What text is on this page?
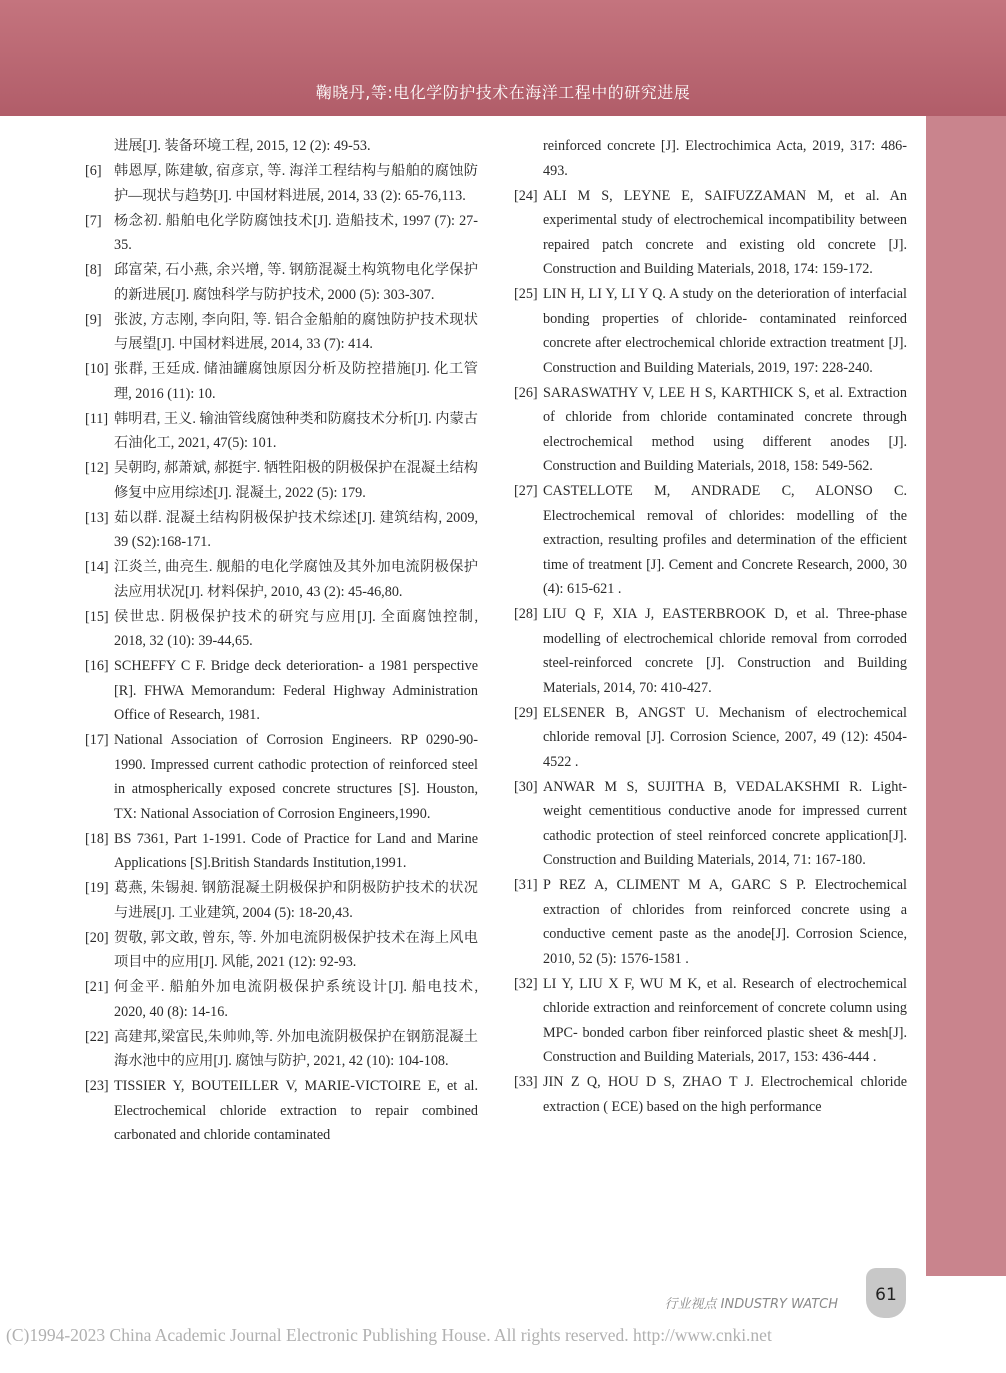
鞠晓丹,等:电化学防护技术在海洋工程中的研究进展
进展[J]. 装备环境工程, 2015, 12 (2): 49-53.
[6] 韩恩厚, 陈建敏, 宿彦京, 等. 海洋工程结构与船舶的腐蚀防护—现状与趋势[J]. 中国材料进展, 2014, 33 (2): 65-76,113.
[7] 杨念初. 船舶电化学防腐蚀技术[J]. 造船技术, 1997 (7): 27-35.
[8] 邱富荣, 石小燕, 余兴增, 等. 钢筋混凝土构筑物电化学保护的新进展[J]. 腐蚀科学与防护技术, 2000 (5): 303-307.
[9] 张波, 方志刚, 李向阳, 等. 铝合金船舶的腐蚀防护技术现状与展望[J]. 中国材料进展, 2014, 33 (7): 414.
[10] 张群, 王廷成. 储油罐腐蚀原因分析及防控措施[J]. 化工管理, 2016 (11): 10.
[11] 韩明君, 王义. 输油管线腐蚀种类和防腐技术分析[J]. 内蒙古石油化工, 2021, 47(5): 101.
[12] 吴朝昀, 郝萧斌, 郝挺宇. 牺牲阳极的阴极保护在混凝土结构修复中应用综述[J]. 混凝土, 2022 (5): 179.
[13] 茹以群. 混凝土结构阴极保护技术综述[J]. 建筑结构, 2009, 39 (S2):168-171.
[14] 江炎兰, 曲亮生. 舰船的电化学腐蚀及其外加电流阴极保护法应用状况[J]. 材料保护, 2010, 43 (2): 45-46,80.
[15] 侯世忠. 阴极保护技术的研究与应用[J]. 全面腐蚀控制, 2018, 32 (10): 39-44,65.
[16] SCHEFFY C F. Bridge deck deterioration- a 1981 perspective [R]. FHWA Memorandum: Federal Highway Administration Office of Research, 1981.
[17] National Association of Corrosion Engineers. RP 0290-90- 1990. Impressed current cathodic protection of reinforced steel in atmospherically exposed concrete structures [S]. Houston, TX: National Association of Corrosion Engineers,1990.
[18] BS 7361, Part 1-1991. Code of Practice for Land and Marine Applications [S].British Standards Institution,1991.
[19] 葛燕, 朱锡昶. 钢筋混凝土阴极保护和阴极防护技术的状况与进展[J]. 工业建筑, 2004 (5): 18-20,43.
[20] 贺敬, 郭文敢, 曾东, 等. 外加电流阴极保护技术在海上风电项目中的应用[J]. 风能, 2021 (12): 92-93.
[21] 何金平. 船舶外加电流阴极保护系统设计[J]. 船电技术, 2020, 40 (8): 14-16.
[22] 高建邦,梁富民,朱帅帅,等. 外加电流阴极保护在钢筋混凝土海水池中的应用[J]. 腐蚀与防护, 2021, 42 (10): 104-108.
[23] TISSIER Y, BOUTEILLER V, MARIE-VICTOIRE E, et al. Electrochemical chloride extraction to repair combined carbonated and chloride contaminated
reinforced concrete [J]. Electrochimica Acta, 2019, 317: 486-493.
[24] ALI M S, LEYNE E, SAIFUZZAMAN M, et al. An experimental study of electrochemical incompatibility between repaired patch concrete and existing old concrete [J]. Construction and Building Materials, 2018, 174: 159-172.
[25] LIN H, LI Y, LI Y Q. A study on the deterioration of interfacial bonding properties of chloride- contaminated reinforced concrete after electrochemical chloride extraction treatment [J]. Construction and Building Materials, 2019, 197: 228-240.
[26] SARASWATHY V, LEE H S, KARTHICK S, et al. Extraction of chloride from chloride contaminated concrete through electrochemical method using different anodes [J]. Construction and Building Materials, 2018, 158: 549-562.
[27] CASTELLOTE M, ANDRADE C, ALONSO C. Electrochemical removal of chlorides: modelling of the extraction, resulting profiles and determination of the efficient time of treatment [J]. Cement and Concrete Research, 2000, 30 (4): 615-621 .
[28] LIU Q F, XIA J, EASTERBROOK D, et al. Three-phase modelling of electrochemical chloride removal from corroded steel-reinforced concrete [J]. Construction and Building Materials, 2014, 70: 410-427.
[29] ELSENER B, ANGST U. Mechanism of electrochemical chloride removal [J]. Corrosion Science, 2007, 49 (12): 4504-4522 .
[30] ANWAR M S, SUJITHA B, VEDALAKSHMI R. Light- weight cementitious conductive anode for impressed current cathodic protection of steel reinforced concrete application[J]. Construction and Building Materials, 2014, 71: 167-180.
[31] P REZ A, CLIMENT M A, GARC S P. Electrochemical extraction of chlorides from reinforced concrete using a conductive cement paste as the anode[J]. Corrosion Science, 2010, 52 (5): 1576-1581 .
[32] LI Y, LIU X F, WU M K, et al. Research of electrochemical chloride extraction and reinforcement of concrete column using MPC- bonded carbon fiber reinforced plastic sheet & mesh[J]. Construction and Building Materials, 2017, 153: 436-444 .
[33] JIN Z Q, HOU D S, ZHAO T J. Electrochemical chloride extraction ( ECE) based on the high performance
行业视点 INDUSTRY WATCH	61
(C)1994-2023 China Academic Journal Electronic Publishing House. All rights reserved. http://www.cnki.net
